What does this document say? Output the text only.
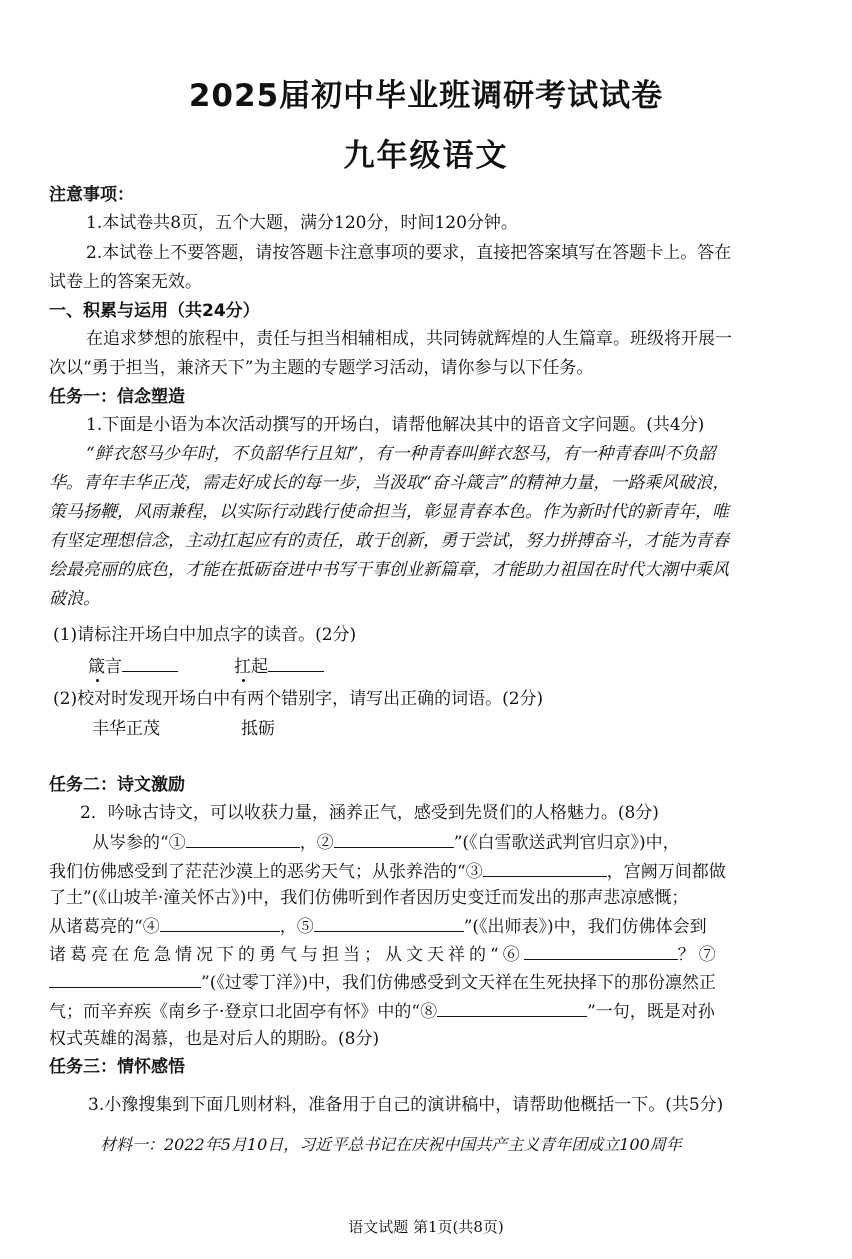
2025届初中毕业班调研考试试卷
九年级语文
注意事项：
1.本试卷共8页，五个大题，满分120分，时间120分钟。
2.本试卷上不要答题，请按答题卡注意事项的要求，直接把答案填写在答题卡上。答在
试卷上的答案无效。
一、积累与运用（共24分）
在追求梦想的旅程中，责任与担当相辅相成，共同铸就辉煌的人生篇章。班级将开展一
次以“勇于担当，兼济天下”为主题的专题学习活动，请你参与以下任务。
任务一：信念塑造
1.下面是小语为本次活动撰写的开场白，请帮他解决其中的语音文字问题。(共4分)
“鲜衣怒马少年时，不负韶华行且知”，有一种青春叫鲜衣怒马，有一种青春叫不负韶
华。青年丰华正茂，需走好成长的每一步，当汲取“奋斗箴言”的精神力量，一路乘风破浪，
策马扬鞭，风雨兼程，以实际行动践行使命担当，彰显青春本色。作为新时代的新青年，唯
有坚定理想信念，主动扛起应有的责任，敢于创新，勇于尝试，努力拼搏奋斗，才能为青春
绘最亮丽的底色，才能在抵砺奋进中书写干事创业新篇章，才能助力祖国在时代大潮中乘风
破浪。
(1)请标注开场白中加点字的读音。(2分)
箴言	扛起
(2)校对时发现开场白中有两个错别字，请写出正确的词语。(2分)
丰华正茂	抵砺
任务二：诗文激励
2．吟咏古诗文，可以收获力量，涵养正气，感受到先贤们的人格魅力。(8分)
从岑参的“①	，②	”(《白雪歌送武判官归京》)中，
我们仿佛感受到了茫茫沙漠上的恶劣天气；从张养浩的“③	，宫阙万间都做
了土”(《山坡羊·潼关怀古》)中，我们仿佛听到作者因历史变迁而发出的那声悲凉感慨；
从诸葛亮的“④	，⑤	”(《出师表》)中，我们仿佛体会到
诸葛亮在危急情况下的勇气与担当；从文天祥的“⑥	？⑦
”(《过零丁洋》)中，我们仿佛感受到文天祥在生死抉择下的那份凛然正
气；而辛弃疾《南乡子·登京口北固亭有怀》中的“⑧	”一句，既是对孙
权式英雄的渴慕，也是对后人的期盼。(8分)
任务三：情怀感悟
3.小豫搜集到下面几则材料，准备用于自己的演讲稿中，请帮助他概括一下。(共5分)
材料一：2022年5月10日，习近平总书记在庆祝中国共产主义青年团成立100周年
语文试题 第1页(共8页)
